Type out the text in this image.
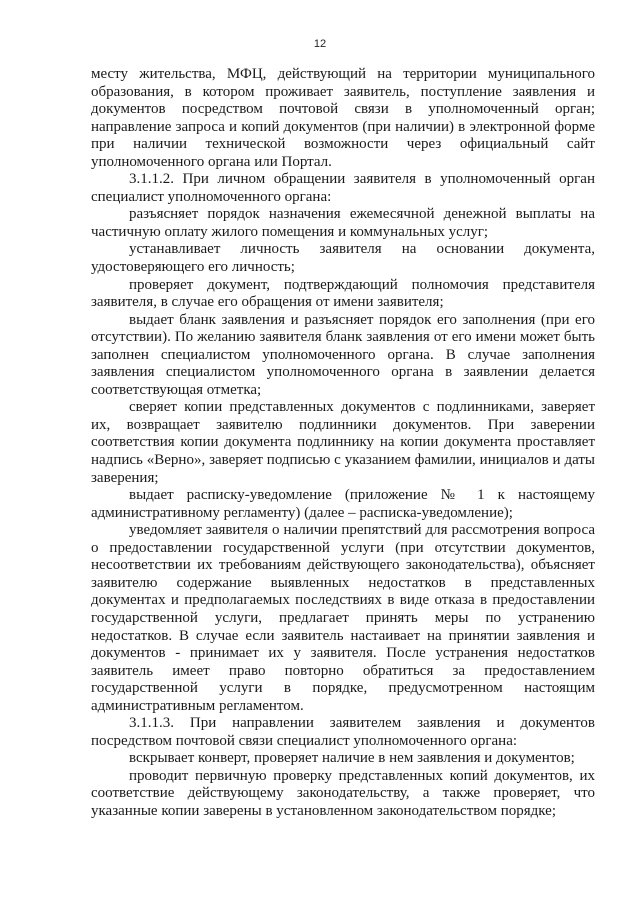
12

месту жительства, МФЦ, действующий на территории муниципального образования, в котором проживает заявитель, поступление заявления и документов посредством почтовой связи в уполномоченный орган; направление запроса и копий документов (при наличии) в электронной форме при наличии технической возможности через официальный сайт уполномоченного органа или Портал.

3.1.1.2. При личном обращении заявителя в уполномоченный орган специалист уполномоченного органа:

разъясняет порядок назначения ежемесячной денежной выплаты на частичную оплату жилого помещения и коммунальных услуг;

устанавливает личность заявителя на основании документа, удостоверяющего его личность;

проверяет документ, подтверждающий полномочия представителя заявителя, в случае его обращения от имени заявителя;

выдает бланк заявления и разъясняет порядок его заполнения (при его отсутствии). По желанию заявителя бланк заявления от его имени может быть заполнен специалистом уполномоченного органа. В случае заполнения заявления специалистом уполномоченного органа в заявлении делается соответствующая отметка;

сверяет копии представленных документов с подлинниками, заверяет их, возвращает заявителю подлинники документов. При заверении соответствия копии документа подлиннику на копии документа проставляет надпись «Верно», заверяет подписью с указанием фамилии, инициалов и даты заверения;

выдает расписку-уведомление (приложение № 1 к настоящему административному регламенту) (далее – расписка-уведомление);

уведомляет заявителя о наличии препятствий для рассмотрения вопроса о предоставлении государственной услуги (при отсутствии документов, несоответствии их требованиям действующего законодательства), объясняет заявителю содержание выявленных недостатков в представленных документах и предполагаемых последствиях в виде отказа в предоставлении государственной услуги, предлагает принять меры по устранению недостатков. В случае если заявитель настаивает на принятии заявления и документов - принимает их у заявителя. После устранения недостатков заявитель имеет право повторно обратиться за предоставлением государственной услуги в порядке, предусмотренном настоящим административным регламентом.

3.1.1.3. При направлении заявителем заявления и документов посредством почтовой связи специалист уполномоченного органа:

вскрывает конверт, проверяет наличие в нем заявления и документов;

проводит первичную проверку представленных копий документов, их соответствие действующему законодательству, а также проверяет, что указанные копии заверены в установленном законодательством порядке;
